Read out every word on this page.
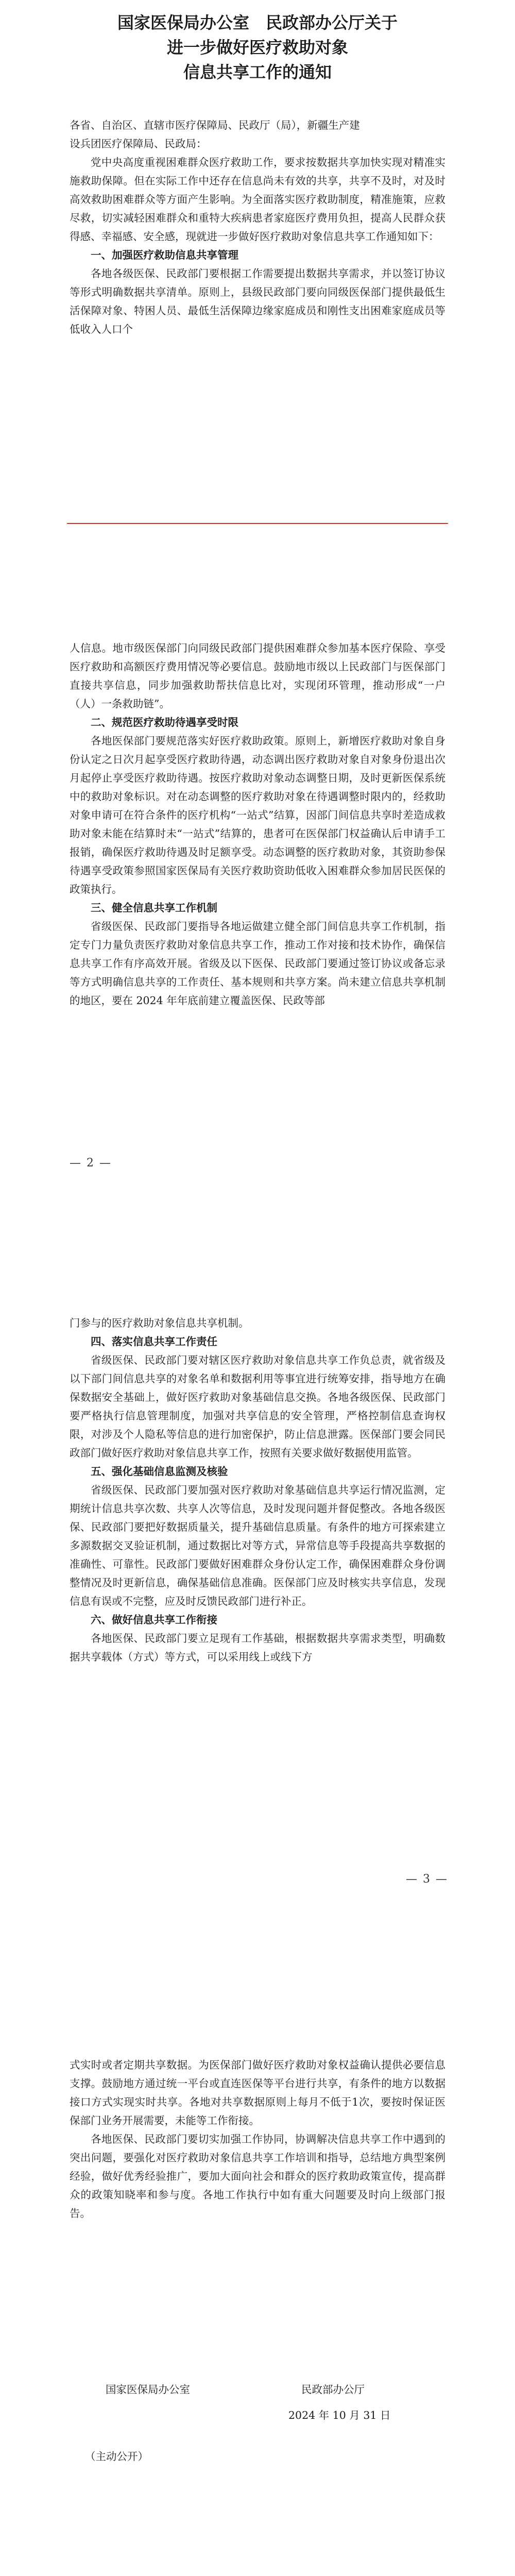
国家医保局办公室　民政部办公厅关于
进一步做好医疗救助对象
信息共享工作的通知

各省、自治区、直辖市医疗保障局、民政厅（局），新疆生产建

设兵团医疗保障局、民政局：

党中央高度重视困难群众医疗救助工作，要求按数据共享加快实现对精准实施救助保障。但在实际工作中还存在信息尚未有效的共享，共享不及时，对及时高效救助困难群众等方面产生影响。为全面落实医疗救助制度，精准施策，应救尽救，切实减轻困难群众和重特大疾病患者家庭医疗费用负担，提高人民群众获得感、幸福感、安全感，现就进一步做好医疗救助对象信息共享工作通知如下：

一、加强医疗救助信息共享管理

各地各级医保、民政部门要根据工作需要提出数据共享需求，并以签订协议等形式明确数据共享清单。原则上，县级民政部门要向同级医保部门提供最低生活保障对象、特困人员、最低生活保障边缘家庭成员和刚性支出困难家庭成员等低收入人口个

人信息。地市级医保部门向同级民政部门提供困难群众参加基本医疗保险、享受医疗救助和高额医疗费用情况等必要信息。鼓励地市级以上民政部门与医保部门直接共享信息，同步加强救助帮扶信息比对，实现闭环管理，推动形成“一户（人）一条救助链”。

二、规范医疗救助待遇享受时限

各地医保部门要规范落实好医疗救助政策。原则上，新增医疗救助对象自身份认定之日次月起享受医疗救助待遇，动态调出医疗救助对象自对象身份退出次月起停止享受医疗救助待遇。按医疗救助对象动态调整日期，及时更新医保系统中的救助对象标识。对在动态调整的医疗救助对象在待遇调整时限内的，经救助对象申请可在符合条件的医疗机构“一站式”结算，因部门间信息共享时差造成救助对象未能在结算时未“一站式”结算的，患者可在医保部门权益确认后申请手工报销，确保医疗救助待遇及时足额享受。动态调整的医疗救助对象，其资助参保待遇享受政策参照国家医保局有关医疗救助资助低收入困难群众参加居民医保的政策执行。

三、健全信息共享工作机制

省级医保、民政部门要指导各地运做建立健全部门间信息共享工作机制，指定专门力量负责医疗救助对象信息共享工作，推动工作对接和技术协作，确保信息共享工作有序高效开展。省级及以下医保、民政部门要通过签订协议或备忘录等方式明确信息共享的工作责任、基本规则和共享方案。尚未建立信息共享机制的地区，要在 2024 年年底前建立覆盖医保、民政等部

— 2 —

门参与的医疗救助对象信息共享机制。

四、落实信息共享工作责任

省级医保、民政部门要对辖区医疗救助对象信息共享工作负总责，就省级及以下部门间信息共享的对象名单和数据利用等事宜进行统筹安排，指导地方在确保数据安全基础上，做好医疗救助对象基础信息交换。各地各级医保、民政部门要严格执行信息管理制度，加强对共享信息的安全管理，严格控制信息查询权限，对涉及个人隐私等信息的进行加密保护，防止信息泄露。医保部门要会同民政部门做好医疗救助对象信息共享工作，按照有关要求做好数据使用监管。

五、强化基础信息监测及核验

省级医保、民政部门要加强对医疗救助对象基础信息共享运行情况监测，定期统计信息共享次数、共享人次等信息，及时发现问题并督促整改。各地各级医保、民政部门要把好数据质量关，提升基础信息质量。有条件的地方可探索建立多源数据交叉验证机制，通过数据比对等方式，异常信息等手段提高共享数据的准确性、可靠性。民政部门要做好困难群众身份认定工作，确保困难群众身份调整情况及时更新信息，确保基础信息准确。医保部门应及时核实共享信息，发现信息有误或不完整，应及时反馈民政部门进行补正。

六、做好信息共享工作衔接

各地医保、民政部门要立足现有工作基础，根据数据共享需求类型，明确数据共享载体（方式）等方式，可以采用线上或线下方

— 3 —

式实时或者定期共享数据。为医保部门做好医疗救助对象权益确认提供必要信息支撑。鼓励地方通过统一平台或直连医保等平台进行共享，有条件的地方以数据接口方式实现实时共享。各地对共享数据原则上每月不低于1次，要按时保证医保部门业务开展需要，未能等工作衔接。

各地医保、民政部门要切实加强工作协同，协调解决信息共享工作中遇到的突出问题，要强化对医疗救助对象信息共享工作培训和指导，总结地方典型案例经验，做好优秀经验推广，要加大面向社会和群众的医疗救助政策宣传，提高群众的政策知晓率和参与度。各地工作执行中如有重大问题要及时向上级部门报告。

国家医保局办公室	民政部办公厅
2024 年 10 月 31 日
（主动公开）
